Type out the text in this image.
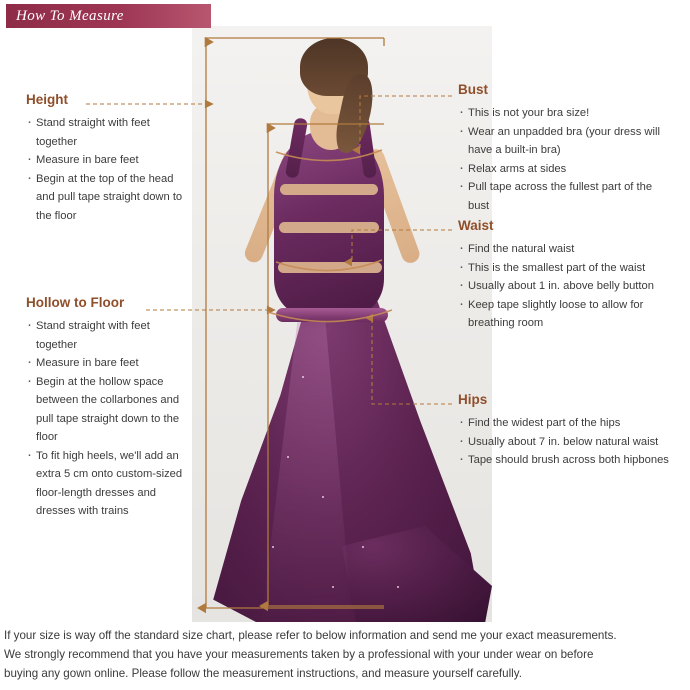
How To Measure
Height
· Stand straight with feet together
· Measure in bare feet
· Begin at the top of the head and pull tape straight down to the floor
Hollow to Floor
· Stand straight with feet together
· Measure in bare feet
· Begin at the hollow space between the collarbones and pull tape straight down to the floor
· To fit high heels, we'll add an extra 5 cm onto custom-sized floor-length dresses and dresses with trains
Bust
· This is not your bra size!
· Wear an unpadded bra (your dress will have a built-in bra)
· Relax arms at sides
· Pull tape across the fullest part of the bust
Waist
· Find the natural waist
· This is the smallest part of the waist
· Usually about 1 in. above belly button
· Keep tape slightly loose to allow for breathing room
Hips
· Find the widest part of the hips
· Usually about 7 in. below natural waist
· Tape should brush across both hipbones

If your size is way off the standard size chart, please refer to below information and send me your exact measurements.

We strongly recommend that you have your measurements taken by a professional with your under wear on before

buying any gown online. Please follow the measurement instructions, and measure yourself carefully.
